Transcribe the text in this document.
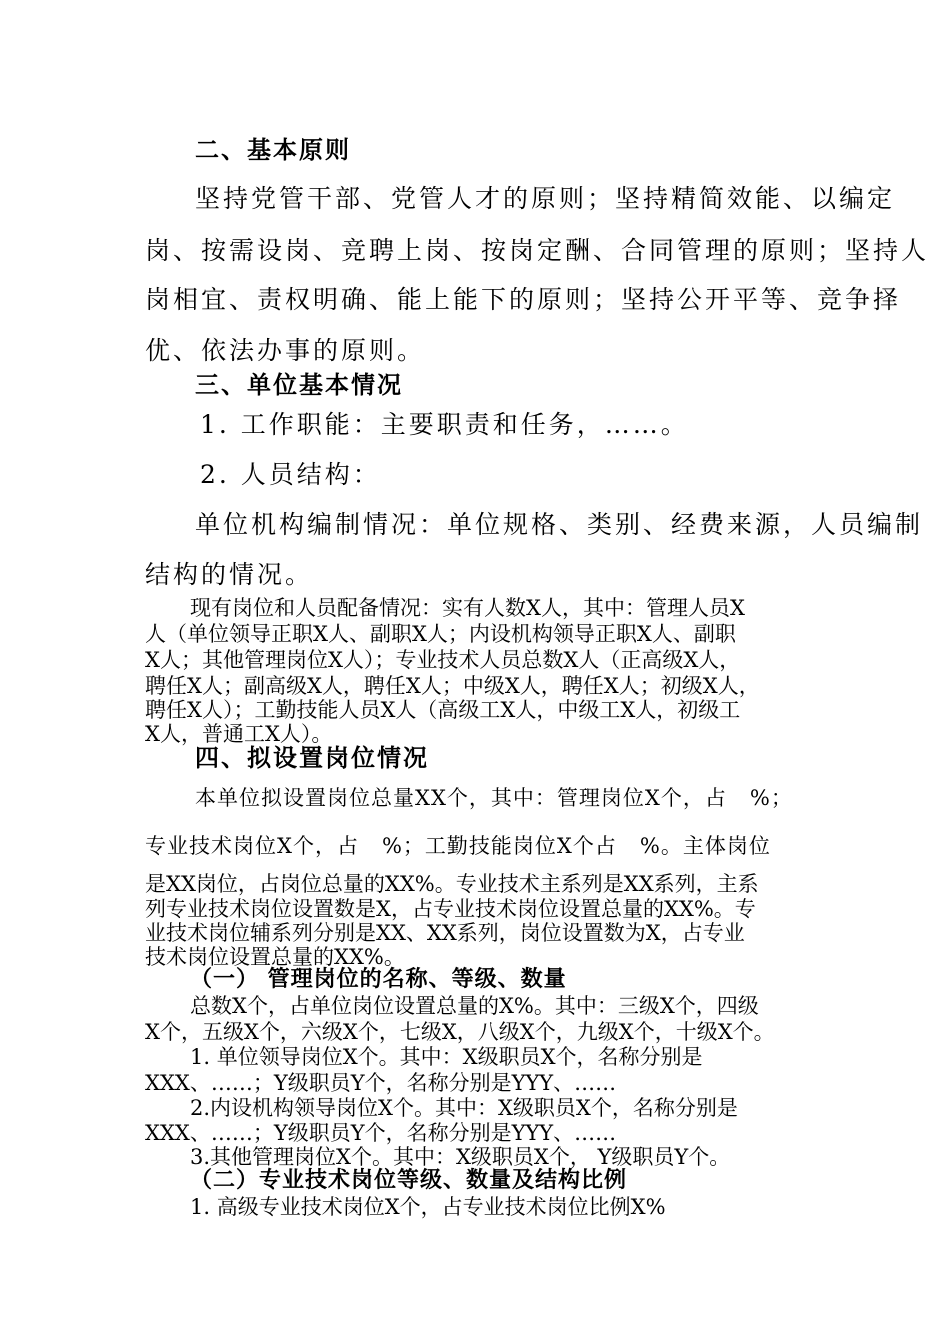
二、基本原则
坚持党管干部、党管人才的原则；坚持精简效能、以编定
岗、按需设岗、竞聘上岗、按岗定酬、合同管理的原则；坚持人
岗相宜、责权明确、能上能下的原则；坚持公开平等、竞争择
优、依法办事的原则。
三、单位基本情况
1. 工作职能：主要职责和任务，……。
2. 人员结构：
单位机构编制情况：单位规格、类别、经费来源，人员编制
结构的情况。
现有岗位和人员配备情况：实有人数X人，其中：管理人员X
人（单位领导正职X人、副职X人；内设机构领导正职X人、副职
X人；其他管理岗位X人）；专业技术人员总数X人（正高级X人，
聘任X人；副高级X人，聘任X人；中级X人，聘任X人；初级X人，
聘任X人）；工勤技能人员X人（高级工X人，中级工X人，初级工
X人，普通工X人）。
四、拟设置岗位情况
本单位拟设置岗位总量XX个，其中：管理岗位X个，占   %；
专业技术岗位X个，占   %；工勤技能岗位X个占   %。主体岗位
是XX岗位，占岗位总量的XX%。专业技术主系列是XX系列，主系
列专业技术岗位设置数是X，占专业技术岗位设置总量的XX%。专
业技术岗位辅系列分别是XX、XX系列，岗位设置数为X，占专业
技术岗位设置总量的XX%。
（一） 管理岗位的名称、等级、数量
总数X个，占单位岗位设置总量的X%。其中：三级X个，四级
X个，五级X个，六级X个，七级X，八级X个，九级X个，十级X个。
1. 单位领导岗位X个。其中：X级职员X个，名称分别是
XXX、……；Y级职员Y个，名称分别是YYY、……
2.内设机构领导岗位X个。其中：X级职员X个，名称分别是
XXX、……；Y级职员Y个，名称分别是YYY、……
3.其他管理岗位X个。其中：X级职员X个， Y级职员Y个。
（二）专业技术岗位等级、数量及结构比例
1. 高级专业技术岗位X个，占专业技术岗位比例X%
